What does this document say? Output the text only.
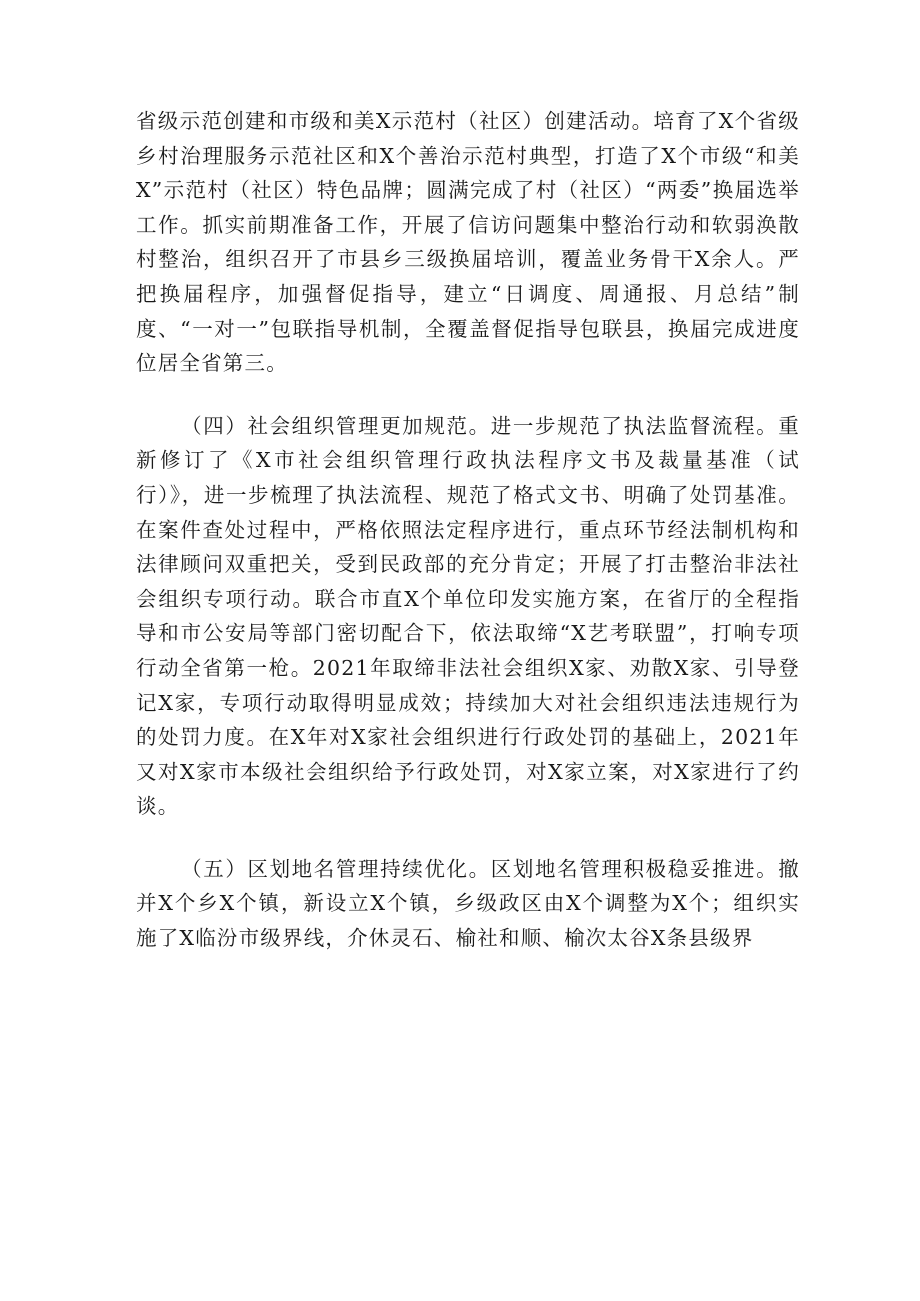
省级示范创建和市级和美X示范村（社区）创建活动。培育了X个省级乡村治理服务示范社区和X个善治示范村典型，打造了X个市级“和美X”示范村（社区）特色品牌；圆满完成了村（社区）“两委”换届选举工作。抓实前期准备工作，开展了信访问题集中整治行动和软弱涣散村整治，组织召开了市县乡三级换届培训，覆盖业务骨干X余人。严把换届程序，加强督促指导，建立“日调度、周通报、月总结”制度、“一对一”包联指导机制，全覆盖督促指导包联县，换届完成进度位居全省第三。

（四）社会组织管理更加规范。进一步规范了执法监督流程。重新修订了《X市社会组织管理行政执法程序文书及裁量基准（试行）》，进一步梳理了执法流程、规范了格式文书、明确了处罚基准。在案件查处过程中，严格依照法定程序进行，重点环节经法制机构和法律顾问双重把关，受到民政部的充分肯定；开展了打击整治非法社会组织专项行动。联合市直X个单位印发实施方案，在省厅的全程指导和市公安局等部门密切配合下，依法取缔“X艺考联盟”，打响专项行动全省第一枪。2021年取缔非法社会组织X家、劝散X家、引导登记X家，专项行动取得明显成效；持续加大对社会组织违法违规行为的处罚力度。在X年对X家社会组织进行行政处罚的基础上，2021年又对X家市本级社会组织给予行政处罚，对X家立案，对X家进行了约谈。

（五）区划地名管理持续优化。区划地名管理积极稳妥推进。撤并X个乡X个镇，新设立X个镇，乡级政区由X个调整为X个；组织实施了X临汾市级界线，介休灵石、榆社和顺、榆次太谷X条县级界
